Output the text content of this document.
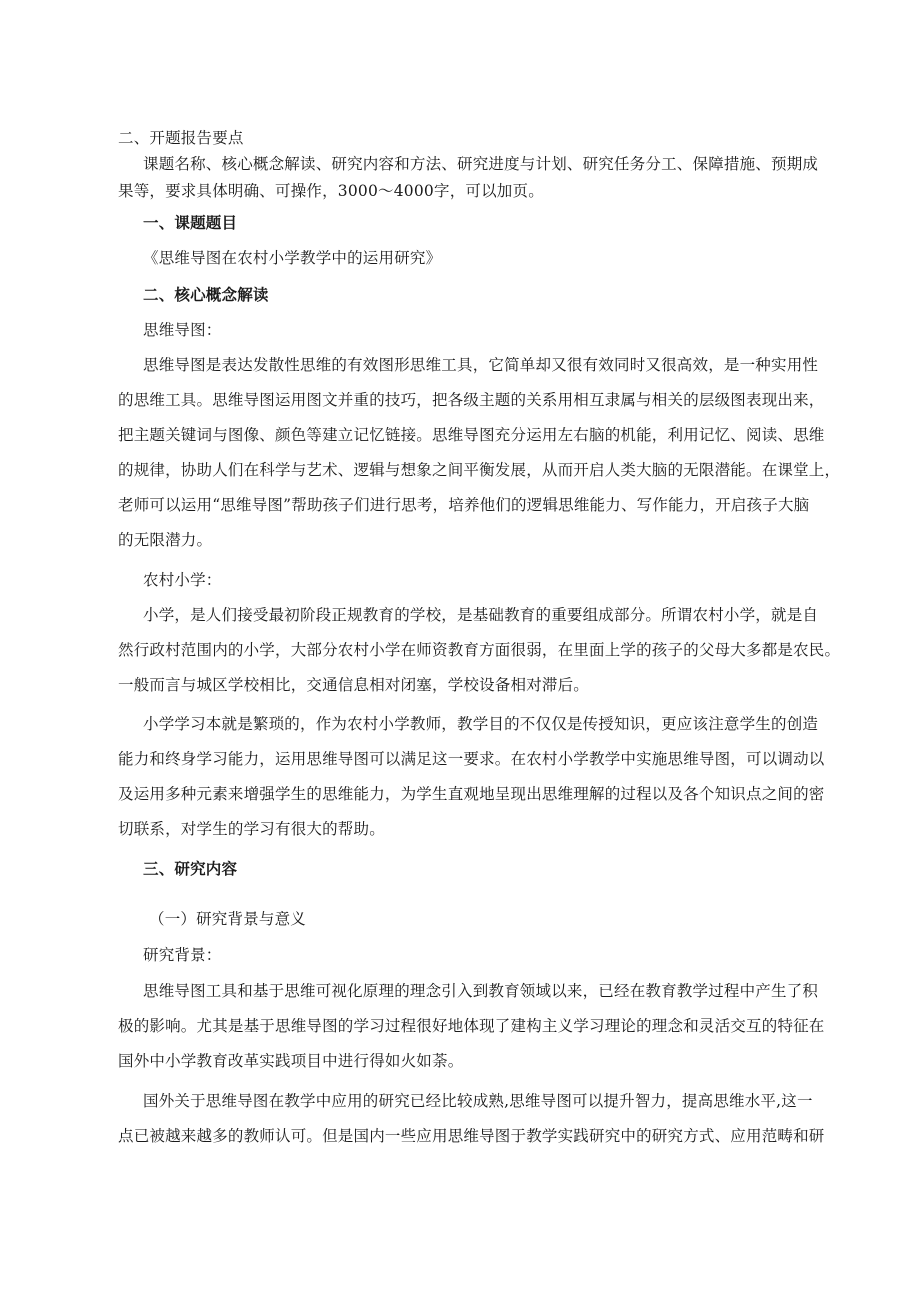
二、开题报告要点

课题名称、核心概念解读、研究内容和方法、研究进度与计划、研究任务分工、保障措施、预期成

果等，要求具体明确、可操作，3000～4000字，可以加页。

一、课题题目

《思维导图在农村小学教学中的运用研究》

二、核心概念解读

思维导图：

思维导图是表达发散性思维的有效图形思维工具，它简单却又很有效同时又很高效，是一种实用性

的思维工具。思维导图运用图文并重的技巧，把各级主题的关系用相互隶属与相关的层级图表现出来，

把主题关键词与图像、颜色等建立记忆链接。思维导图充分运用左右脑的机能，利用记忆、阅读、思维

的规律，协助人们在科学与艺术、逻辑与想象之间平衡发展，从而开启人类大脑的无限潜能。在课堂上，

老师可以运用“思维导图”帮助孩子们进行思考，培养他们的逻辑思维能力、写作能力，开启孩子大脑

的无限潜力。

农村小学：

小学，是人们接受最初阶段正规教育的学校，是基础教育的重要组成部分。所谓农村小学，就是自

然行政村范围内的小学，大部分农村小学在师资教育方面很弱，在里面上学的孩子的父母大多都是农民。

一般而言与城区学校相比，交通信息相对闭塞，学校设备相对滞后。

小学学习本就是繁琐的，作为农村小学教师，教学目的不仅仅是传授知识，更应该注意学生的创造

能力和终身学习能力，运用思维导图可以满足这一要求。在农村小学教学中实施思维导图，可以调动以

及运用多种元素来增强学生的思维能力，为学生直观地呈现出思维理解的过程以及各个知识点之间的密

切联系，对学生的学习有很大的帮助。

三、研究内容

（一）研究背景与意义

研究背景：

思维导图工具和基于思维可视化原理的理念引入到教育领域以来，已经在教育教学过程中产生了积

极的影响。尤其是基于思维导图的学习过程很好地体现了建构主义学习理论的理念和灵活交互的特征在

国外中小学教育改革实践项目中进行得如火如荼。

国外关于思维导图在教学中应用的研究已经比较成熟,思维导图可以提升智力，提高思维水平,这一

点已被越来越多的教师认可。但是国内一些应用思维导图于教学实践研究中的研究方式、应用范畴和研
